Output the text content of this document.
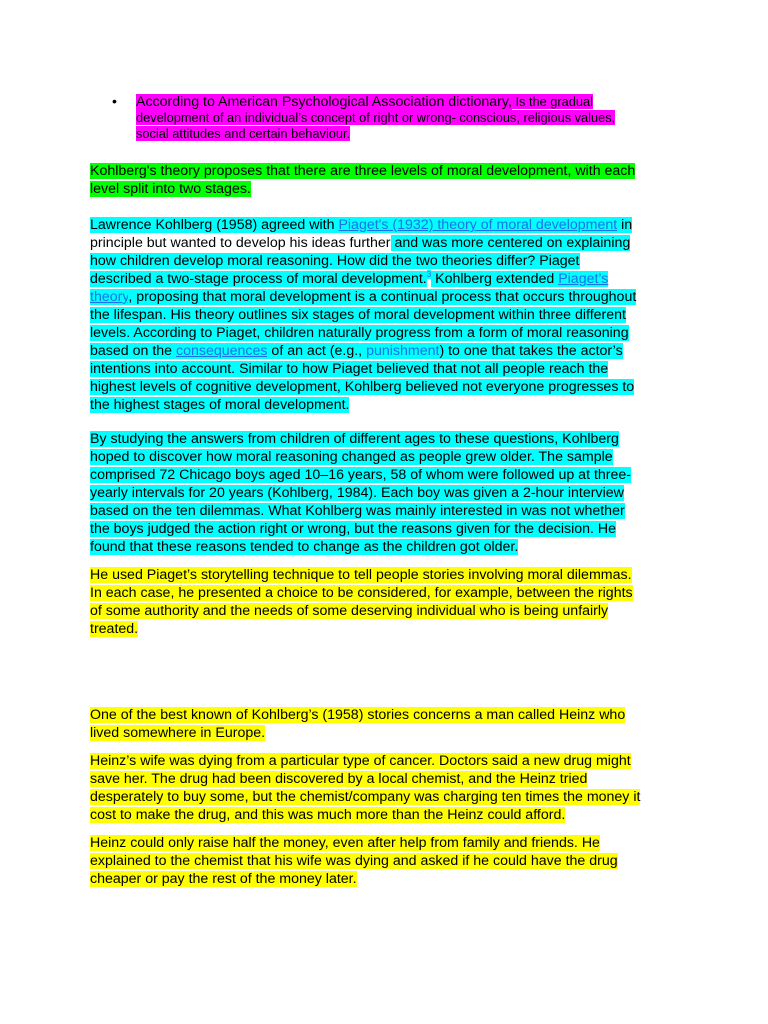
• According to American Psychological Association dictionary, Is the gradual
development of an individual’s concept of right or wrong- conscious, religious values,
social attitudes and certain behaviour.
Kohlberg's theory proposes that there are three levels of moral development, with each
level split into two stages.
Lawrence Kohlberg (1958) agreed with Piaget's (1932) theory of moral development in
principle but wanted to develop his ideas further and was more centered on explaining
how children develop moral reasoning. How did the two theories differ? Piaget
described a two-stage process of moral development.$^3$ Kohlberg extended Piaget’s
theory, proposing that moral development is a continual process that occurs throughout
the lifespan. His theory outlines six stages of moral development within three different
levels. According to Piaget, children naturally progress from a form of moral reasoning
based on the consequences of an act (e.g., punishment) to one that takes the actor’s
intentions into account. Similar to how Piaget believed that not all people reach the
highest levels of cognitive development, Kohlberg believed not everyone progresses to
the highest stages of moral development.
By studying the answers from children of different ages to these questions, Kohlberg
hoped to discover how moral reasoning changed as people grew older. The sample
comprised 72 Chicago boys aged 10–16 years, 58 of whom were followed up at three-
yearly intervals for 20 years (Kohlberg, 1984). Each boy was given a 2-hour interview
based on the ten dilemmas. What Kohlberg was mainly interested in was not whether
the boys judged the action right or wrong, but the reasons given for the decision. He
found that these reasons tended to change as the children got older.
He used Piaget’s storytelling technique to tell people stories involving moral dilemmas.
In each case, he presented a choice to be considered, for example, between the rights
of some authority and the needs of some deserving individual who is being unfairly
treated.
One of the best known of Kohlberg’s (1958) stories concerns a man called Heinz who
lived somewhere in Europe.
Heinz’s wife was dying from a particular type of cancer. Doctors said a new drug might
save her. The drug had been discovered by a local chemist, and the Heinz tried
desperately to buy some, but the chemist/company was charging ten times the money it
cost to make the drug, and this was much more than the Heinz could afford.
Heinz could only raise half the money, even after help from family and friends. He
explained to the chemist that his wife was dying and asked if he could have the drug
cheaper or pay the rest of the money later.
